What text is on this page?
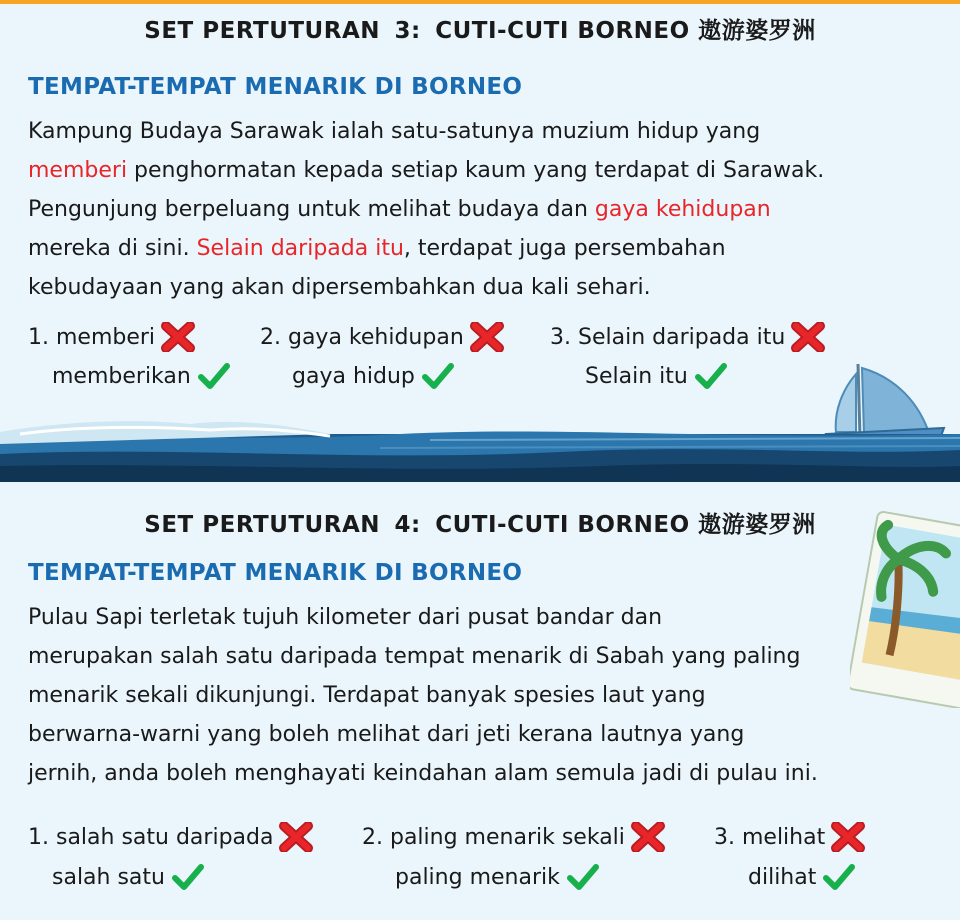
SET PERTUTURAN 3: CUTI-CUTI BORNEO 遨游婆罗洲
TEMPAT-TEMPAT MENARIK DI BORNEO
Kampung Budaya Sarawak ialah satu-satunya muzium hidup yang
memberi penghormatan kepada setiap kaum yang terdapat di Sarawak.
Pengunjung berpeluang untuk melihat budaya dan gaya kehidupan
mereka di sini. Selain daripada itu, terdapat juga persembahan
kebudayaan yang akan dipersembahkan dua kali sehari.
1. memberi
memberikan
2. gaya kehidupan
gaya hidup
3. Selain daripada itu
Selain itu
SET PERTUTURAN 4: CUTI-CUTI BORNEO 遨游婆罗洲
TEMPAT-TEMPAT MENARIK DI BORNEO
Pulau Sapi terletak tujuh kilometer dari pusat bandar dan
merupakan salah satu daripada tempat menarik di Sabah yang paling
menarik sekali dikunjungi. Terdapat banyak spesies laut yang
berwarna-warni yang boleh melihat dari jeti kerana lautnya yang
jernih, anda boleh menghayati keindahan alam semula jadi di pulau ini.
1. salah satu daripada
salah satu
2. paling menarik sekali
paling menarik
3. melihat
dilihat
